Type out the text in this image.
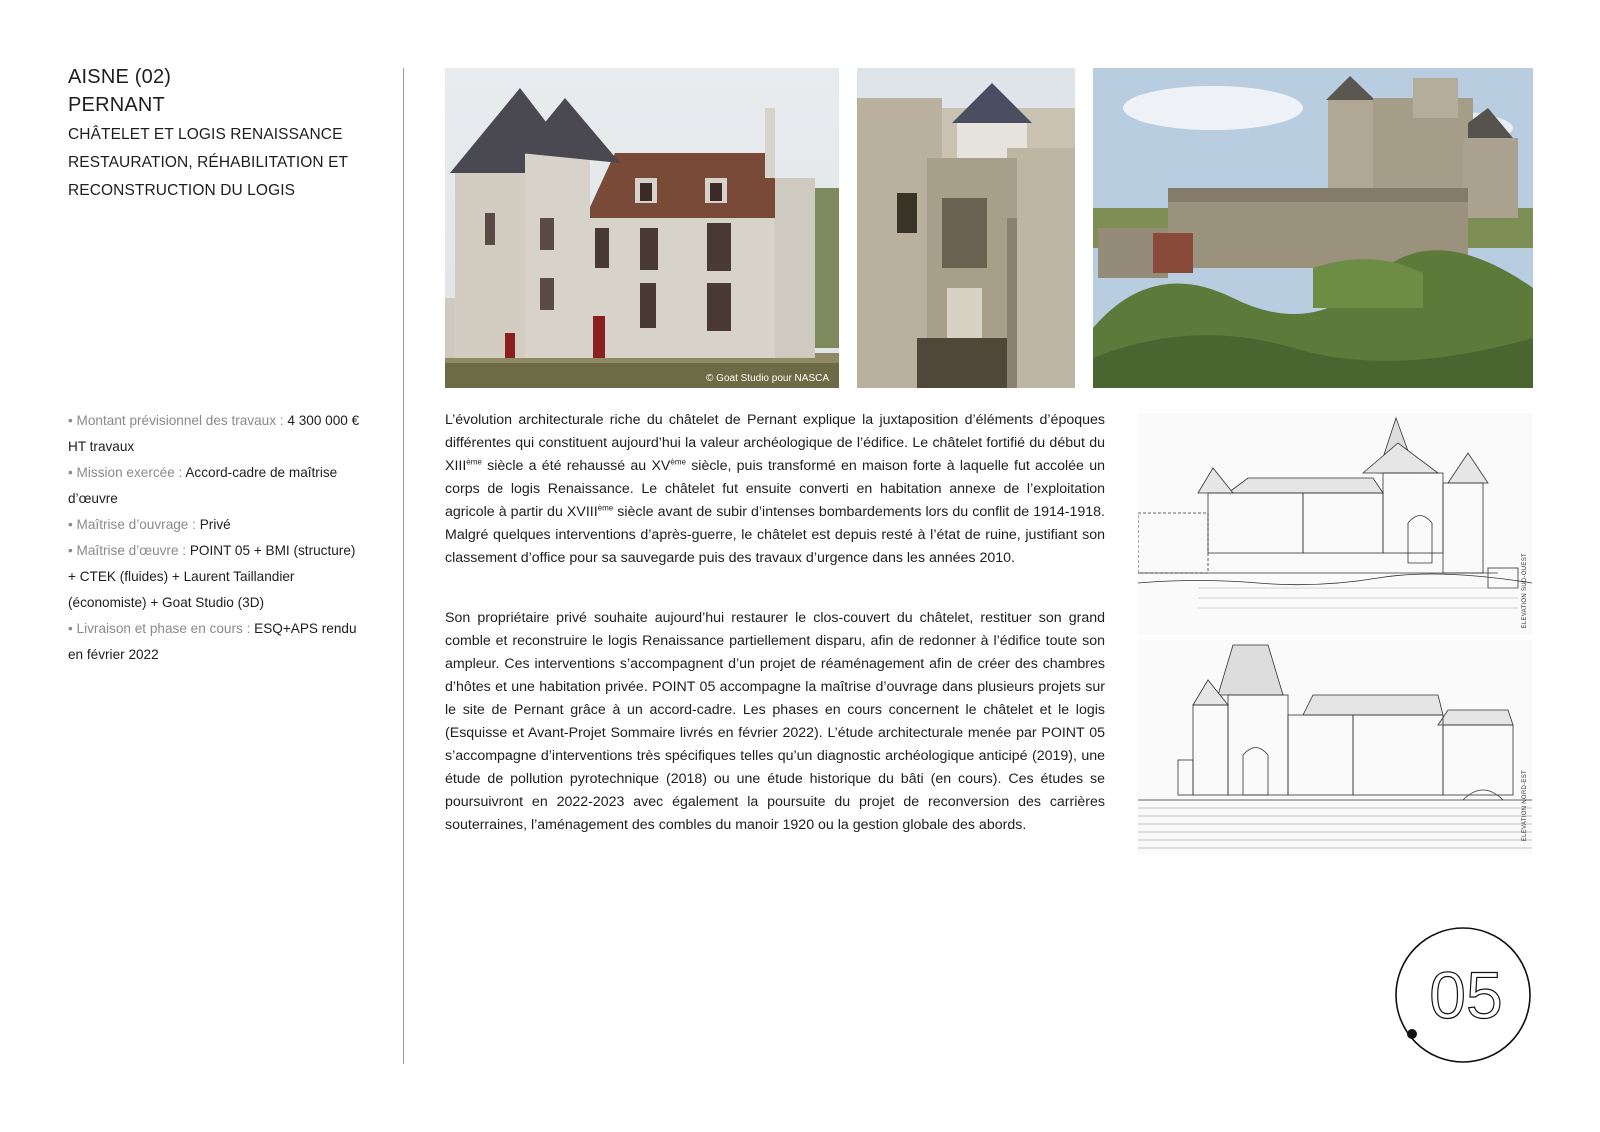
AISNE (02)
PERNANT
CHÂTELET ET LOGIS RENAISSANCE
RESTAURATION, RÉHABILITATION ET
RECONSTRUCTION DU LOGIS
• Montant prévisionnel des travaux : 4 300 000 €
HT travaux
• Mission exercée : Accord-cadre de maîtrise
d’œuvre
• Maîtrise d’ouvrage : Privé
• Maîtrise d’œuvre : POINT 05 + BMI (structure)
+ CTEK (fluides) + Laurent Taillandier
(économiste) + Goat Studio (3D)
• Livraison et phase en cours : ESQ+APS rendu
en février 2022
© Goat Studio pour NASCA
L’évolution architecturale riche du châtelet de Pernant explique la juxtaposition d’éléments d’époques différentes qui constituent aujourd’hui la valeur archéologique de l’édifice. Le châtelet fortifié du début du XIIIème siècle a été rehaussé au XVème siècle, puis transformé en maison forte à laquelle fut accolée un corps de logis Renaissance. Le châtelet fut ensuite converti en habitation annexe de l’exploitation agricole à partir du XVIIIème siècle avant de subir d’intenses bombardements lors du conflit de 1914-1918. Malgré quelques interventions d’après-guerre, le châtelet est depuis resté à l’état de ruine, justifiant son classement d’office pour sa sauvegarde puis des travaux d’urgence dans les années 2010.
Son propriétaire privé souhaite aujourd’hui restaurer le clos-couvert du châtelet, restituer son grand comble et reconstruire le logis Renaissance partiellement disparu, afin de redonner à l’édifice toute son ampleur. Ces interventions s’accompagnent d’un projet de réaménagement afin de créer des chambres d’hôtes et une habitation privée. POINT 05 accompagne la maîtrise d’ouvrage dans plusieurs projets sur le site de Pernant grâce à un accord-cadre. Les phases en cours concernent le châtelet et le logis (Esquisse et Avant-Projet Sommaire livrés en février 2022). L’étude architecturale menée par POINT 05 s’accompagne d’interventions très spécifiques telles qu’un diagnostic archéologique anticipé (2019), une étude de pollution pyrotechnique (2018) ou une étude historique du bâti (en cours). Ces études se poursuivront en 2022-2023 avec également la poursuite du projet de reconversion des carrières souterraines, l’aménagement des combles du manoir 1920 ou la gestion globale des abords.
ÉLÉVATION SUD-OUEST
ÉLÉVATION NORD-EST
05
